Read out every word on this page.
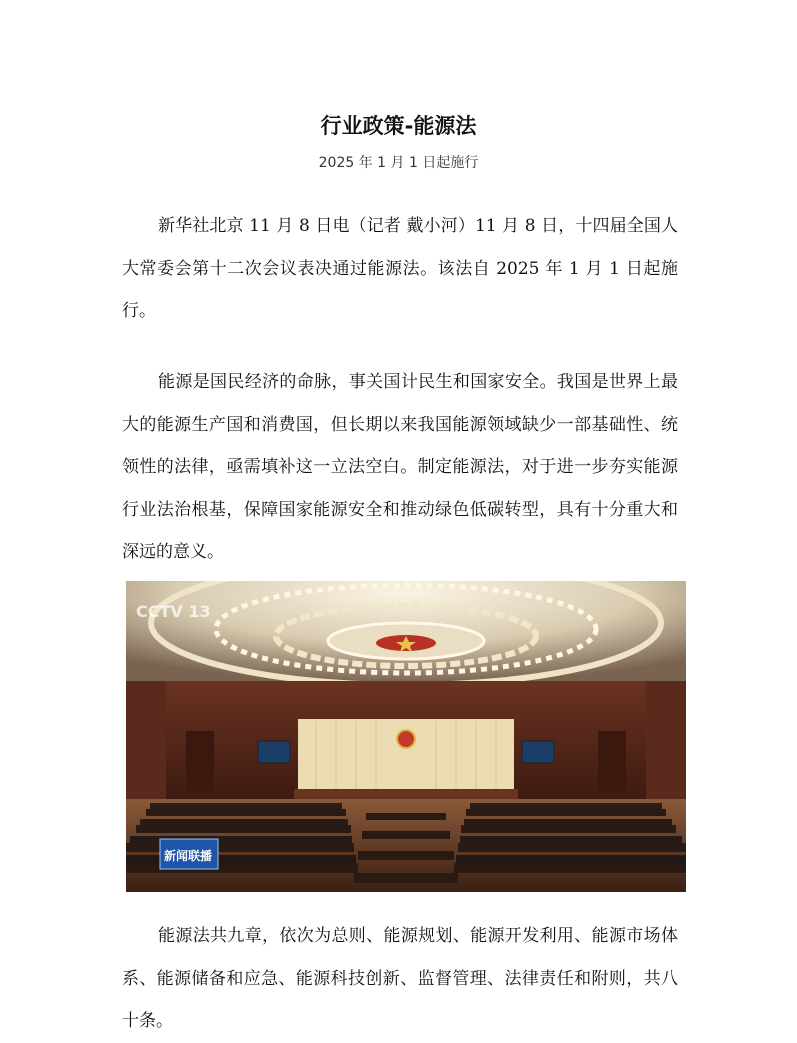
行业政策-能源法
2025 年 1 月 1 日起施行

新华社北京 11 月 8 日电（记者 戴小河）11 月 8 日，十四届全国人大常委会第十二次会议表决通过能源法。该法自 2025 年 1 月 1 日起施行。

能源是国民经济的命脉，事关国计民生和国家安全。我国是世界上最大的能源生产国和消费国，但长期以来我国能源领域缺少一部基础性、统领性的法律，亟需填补这一立法空白。制定能源法，对于进一步夯实能源行业法治根基，保障国家能源安全和推动绿色低碳转型，具有十分重大和深远的意义。

CCTV 13
新闻联播

能源法共九章，依次为总则、能源规划、能源开发利用、能源市场体系、能源储备和应急、能源科技创新、监督管理、法律责任和附则，共八十条。
